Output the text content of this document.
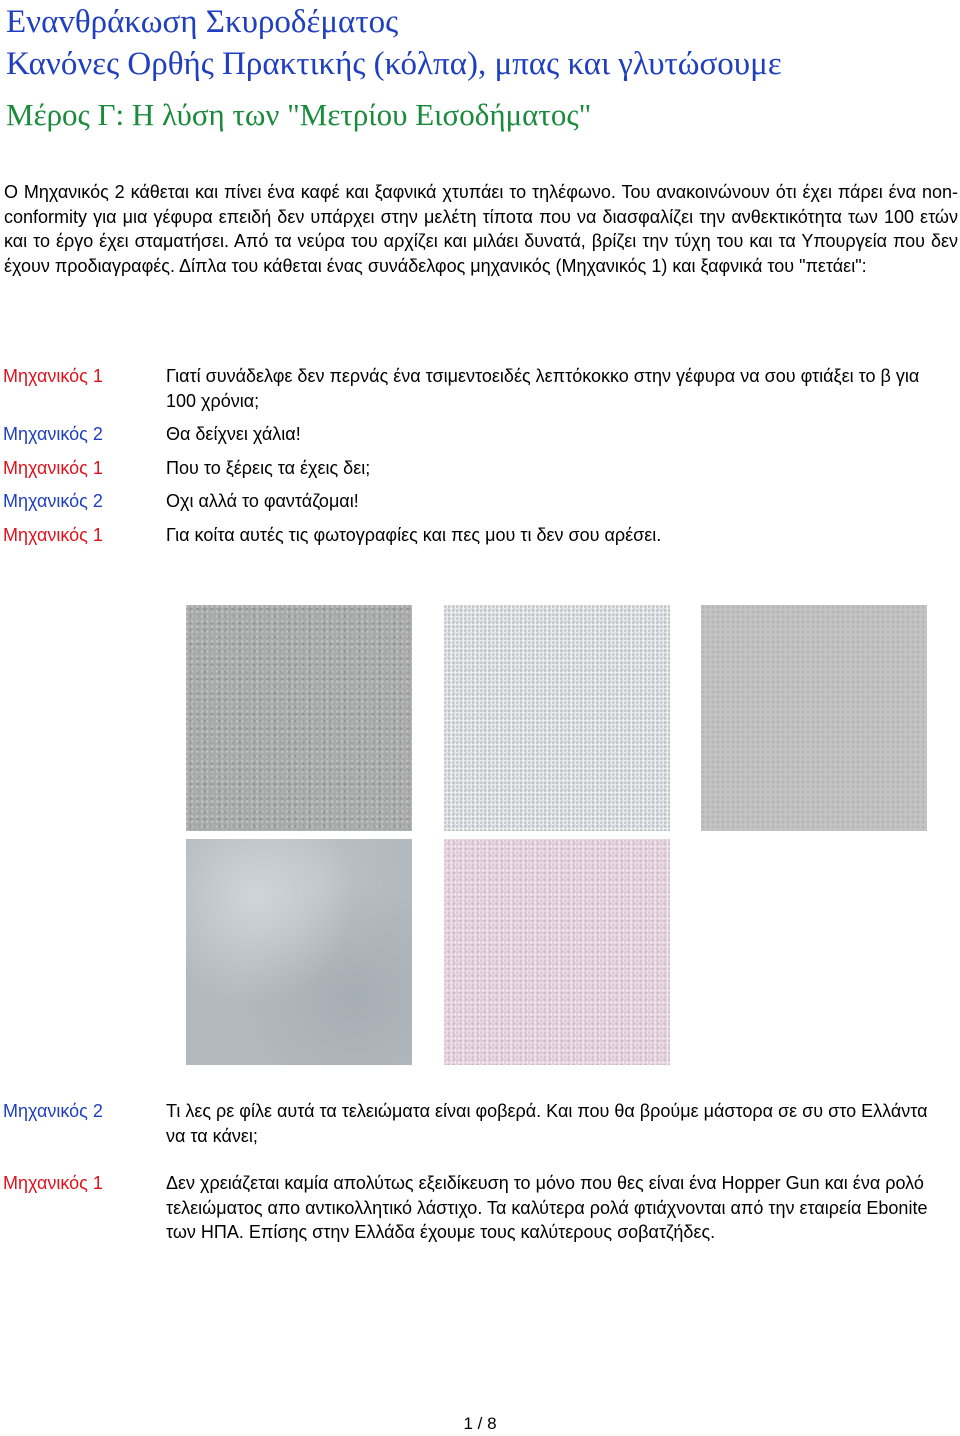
Εναvθράκωση Σκυροδέματος
Κανόνες Ορθής Πρακτικής (κόλπα), μπας και γλυτώσουμε
Μέρος Γ: Η λύση των "Μετρίου Εισοδήματος"

Ο Μηχανικός 2 κάθεται και πίνει ένα καφέ και ξαφνικά χτυπάει το τηλέφωνο. Του ανακοινώνουν ότι έχει πάρει ένα non-conformity για μια γέφυρα επειδή δεν υπάρχει στην μελέτη τίποτα που να διασφαλίζει την ανθεκτικότητα των 100 ετών και το έργο έχει σταματήσει. Από τα νεύρα του αρχίζει και μιλάει δυνατά, βρίζει την τύχη του και τα Υπουργεία που δεν έχουν προδιαγραφές. Δίπλα του κάθεται ένας συνάδελφος μηχανικός (Μηχανικός 1) και ξαφνικά του "πετάει":

Μηχανικός 1	Γιατί συνάδελφε δεν περνάς ένα τσιμεντοειδές λεπτόκοκκο στην γέφυρα να σου φτιάξει το β για 100 χρόνια;
Μηχανικός 2	Θα δείχνει χάλια!
Μηχανικός 1	Που το ξέρεις τα έχεις δει;
Μηχανικός 2	Οχι αλλά το φαντάζομαι!
Μηχανικός 1	Για κοίτα αυτές τις φωτογραφίες και πες μου τι δεν σου αρέσει.
Μηχανικός 2	Τι λες ρε φίλε αυτά τα τελειώματα είναι φοβερά. Και που θα βρούμε μάστορα σε συ στο Ελλάντα να τα κάνει;
Μηχανικός 1	Δεν χρειάζεται καμία απολύτως εξειδίκευση το μόνο που θες είναι ένα Hopper Gun και ένα ρολό τελειώματος απο αντικολλητικό λάστιχο. Τα καλύτερα ρολά φτιάχνονται από την εταιρεία Ebonite των ΗΠΑ. Επίσης στην Ελλάδα έχουμε τους καλύτερους σοβατζήδες.
1 / 8
